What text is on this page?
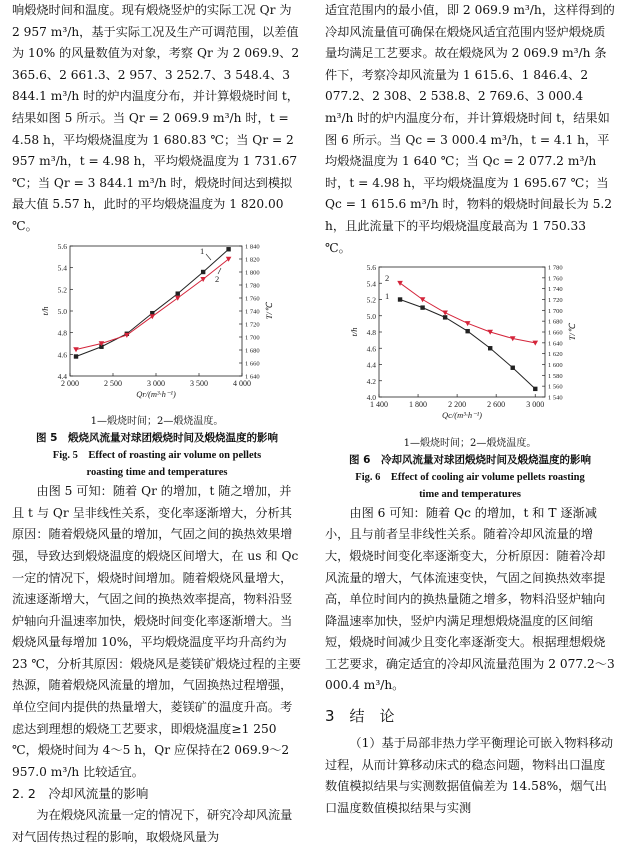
响煅烧时间和温度。现有煅烧竖炉的实际工况 Qr 为 2 957 m³/h，基于实际工况及生产可调范围，以差值为 10% 的风量数值为对象，考察 Qr 为 2 069.9、2 365.6、2 661.3、2 957、3 252.7、3 548.4、3 844.1 m³/h 时的炉内温度分布，并计算煅烧时间 t，结果如图 5 所示。当 Qr = 2 069.9 m³/h 时，t = 4.58 h，平均煅烧温度为 1 680.83 ℃；当 Qr = 2 957 m³/h，t = 4.98 h，平均煅烧温度为 1 731.67 ℃；当 Qr = 3 844.1 m³/h 时，煅烧时间达到模拟最大值 5.57 h，此时的平均煅烧温度为 1 820.00 ℃。

2 000	2 500	3 000	3 500	4 000
4.4
4.6
4.8
5.0
5.2
5.4
5.6
1 640
1 660
1 680
1 700
1 720
1 740
1 760
1 780
1 800
1 820
1 840
Qr/(m³·h⁻¹)
t/h	T/℃
1
2
1—煅烧时间；2—煅烧温度。
图 5　煅烧风流量对球团煅烧时间及煅烧温度的影响
Fig. 5　Effect of roasting air volume on pellets
roasting time and temperatures

由图 5 可知：随着 Qr 的增加，t 随之增加，并且 t 与 Qr 呈非线性关系，变化率逐渐增大，分析其原因：随着煅烧风量的增加，气固之间的换热效果增强，导致达到煅烧温度的煅烧区间增大，在 us 和 Qc 一定的情况下，煅烧时间增加。随着煅烧风量增大，流速逐渐增大，气固之间的换热效率提高，物料沿竖炉轴向升温速率加快，煅烧时间变化率逐渐增大。当煅烧风量每增加 10%，平均煅烧温度平均升高约为 23 ℃，分析其原因：煅烧风是菱镁矿煅烧过程的主要热源，随着煅烧风流量的增加，气固换热过程增强，单位空间内提供的热量增大，菱镁矿的温度升高。考虑达到理想的煅烧工艺要求，即煅烧温度≥1 250 ℃，煅烧时间为 4～5 h，Qr 应保持在2 069.9～2 957.0 m³/h 比较适宜。

2. 2　冷却风流量的影响

为在煅烧风流量一定的情况下，研究冷却风流量对气固传热过程的影响，取煅烧风量为

适宜范围内的最小值，即 2 069.9 m³/h，这样得到的冷却风流量值可确保在煅烧风适宜范围内竖炉煅烧质量均满足工艺要求。故在煅烧风为 2 069.9 m³/h 条件下，考察冷却风流量为 1 615.6、1 846.4、2 077.2、2 308、2 538.8、2 769.6、3 000.4 m³/h 时的炉内温度分布，并计算煅烧时间 t，结果如图 6 所示。当 Qc = 3 000.4 m³/h，t = 4.1 h，平均煅烧温度为 1 640 ℃；当 Qc = 2 077.2 m³/h 时，t = 4.98 h，平均煅烧温度为 1 695.67 ℃；当 Qc = 1 615.6 m³/h 时，物料的煅烧时间最长为 5.2 h，且此流量下的平均煅烧温度最高为 1 750.33 ℃。

1 400	1 800	2 200	2 600	3 000
4.0
4.2
4.4
4.6
4.8
5.0
5.2
5.4
5.6
1 540
1 560
1 580
1 600
1 620
1 640
1 660
1 680
1 700
1 720
1 740
1 760
1 780
Qc/(m³·h⁻¹)
t/h	T/℃
2
1
1—煅烧时间；2—煅烧温度。
图 6　冷却风流量对球团煅烧时间及煅烧温度的影响
Fig. 6　Effect of cooling air volume pellets roasting
time and temperatures

由图 6 可知：随着 Qc 的增加，t 和 T 逐渐减小，且与前者呈非线性关系。随着冷却风流量的增大，煅烧时间变化率逐渐变大，分析原因：随着冷却风流量的增大，气体流速变快，气固之间换热效率提高，单位时间内的换热量随之增多，物料沿竖炉轴向降温速率加快，竖炉内满足理想煅烧温度的区间缩短，煅烧时间减少且变化率逐渐变大。根据理想煅烧工艺要求，确定适宜的冷却风流量范围为 2 077.2～3 000.4 m³/h。

3　结　论

（1）基于局部非热力学平衡理论可嵌入物料移动过程，从而计算移动床式的稳态问题，物料出口温度数值模拟结果与实测数据值偏差为 14.58%，烟气出口温度数值模拟结果与实测
